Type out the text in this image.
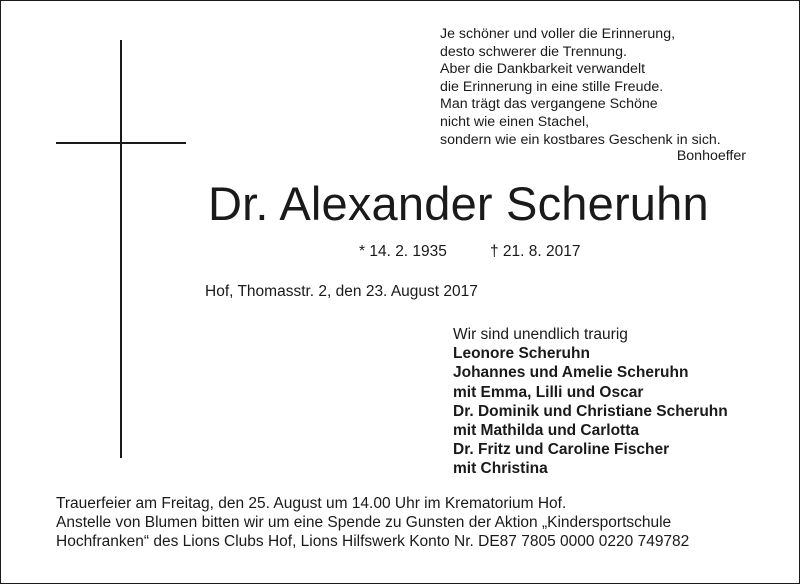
Je schöner und voller die Erinnerung,
desto schwerer die Trennung.
Aber die Dankbarkeit verwandelt
die Erinnerung in eine stille Freude.
Man trägt das vergangene Schöne
nicht wie einen Stachel,
sondern wie ein kostbares Geschenk in sich.
Bonhoeffer
Dr. Alexander Scheruhn
* 14. 2. 1935	† 21. 8. 2017
Hof, Thomasstr. 2, den 23. August 2017
Wir sind unendlich traurig
Leonore Scheruhn
Johannes und Amelie Scheruhn
mit Emma, Lilli und Oscar
Dr. Dominik und Christiane Scheruhn
mit Mathilda und Carlotta
Dr. Fritz und Caroline Fischer
mit Christina
Trauerfeier am Freitag, den 25. August um 14.00 Uhr im Krematorium Hof.
Anstelle von Blumen bitten wir um eine Spende zu Gunsten der Aktion „Kindersportschule
Hochfranken“ des Lions Clubs Hof, Lions Hilfswerk Konto Nr. DE87 7805 0000 0220 749782
